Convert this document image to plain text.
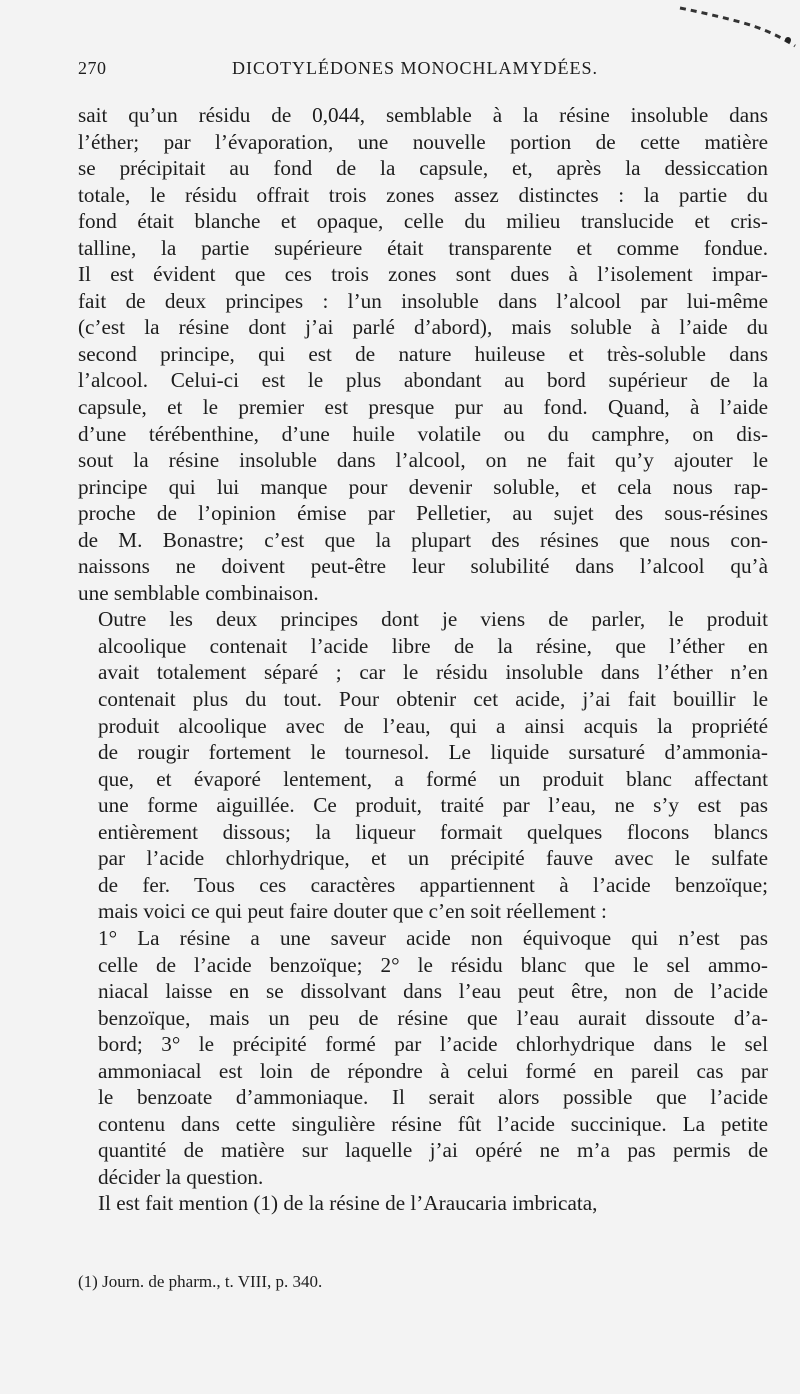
270	DICOTYLÉDONES MONOCHLAMYDÉES.

sait qu’un résidu de 0,044, semblable à la résine insoluble dans
l’éther; par l’évaporation, une nouvelle portion de cette matière
se précipitait au fond de la capsule, et, après la dessiccation
totale, le résidu offrait trois zones assez distinctes : la partie du
fond était blanche et opaque, celle du milieu translucide et cris-
talline, la partie supérieure était transparente et comme fondue.
Il est évident que ces trois zones sont dues à l’isolement impar-
fait de deux principes : l’un insoluble dans l’alcool par lui-même
(c’est la résine dont j’ai parlé d’abord), mais soluble à l’aide du
second principe, qui est de nature huileuse et très-soluble dans
l’alcool. Celui-ci est le plus abondant au bord supérieur de la
capsule, et le premier est presque pur au fond. Quand, à l’aide
d’une térébenthine, d’une huile volatile ou du camphre, on dis-
sout la résine insoluble dans l’alcool, on ne fait qu’y ajouter le
principe qui lui manque pour devenir soluble, et cela nous rap-
proche de l’opinion émise par Pelletier, au sujet des sous-résines
de M. Bonastre; c’est que la plupart des résines que nous con-
naissons ne doivent peut-être leur solubilité dans l’alcool qu’à
une semblable combinaison.

Outre les deux principes dont je viens de parler, le produit
alcoolique contenait l’acide libre de la résine, que l’éther en
avait totalement séparé ; car le résidu insoluble dans l’éther n’en
contenait plus du tout. Pour obtenir cet acide, j’ai fait bouillir le
produit alcoolique avec de l’eau, qui a ainsi acquis la propriété
de rougir fortement le tournesol. Le liquide sursaturé d’ammonia-
que, et évaporé lentement, a formé un produit blanc affectant
une forme aiguillée. Ce produit, traité par l’eau, ne s’y est pas
entièrement dissous; la liqueur formait quelques flocons blancs
par l’acide chlorhydrique, et un précipité fauve avec le sulfate
de fer. Tous ces caractères appartiennent à l’acide benzoïque;
mais voici ce qui peut faire douter que c’en soit réellement :

1° La résine a une saveur acide non équivoque qui n’est pas
celle de l’acide benzoïque; 2° le résidu blanc que le sel ammo-
niacal laisse en se dissolvant dans l’eau peut être, non de l’acide
benzoïque, mais un peu de résine que l’eau aurait dissoute d’a-
bord; 3° le précipité formé par l’acide chlorhydrique dans le sel
ammoniacal est loin de répondre à celui formé en pareil cas par
le benzoate d’ammoniaque. Il serait alors possible que l’acide
contenu dans cette singulière résine fût l’acide succinique. La petite
quantité de matière sur laquelle j’ai opéré ne m’a pas permis de
décider la question.

Il est fait mention (1) de la résine de l’Araucaria imbricata,

(1) Journ. de pharm., t. VIII, p. 340.
